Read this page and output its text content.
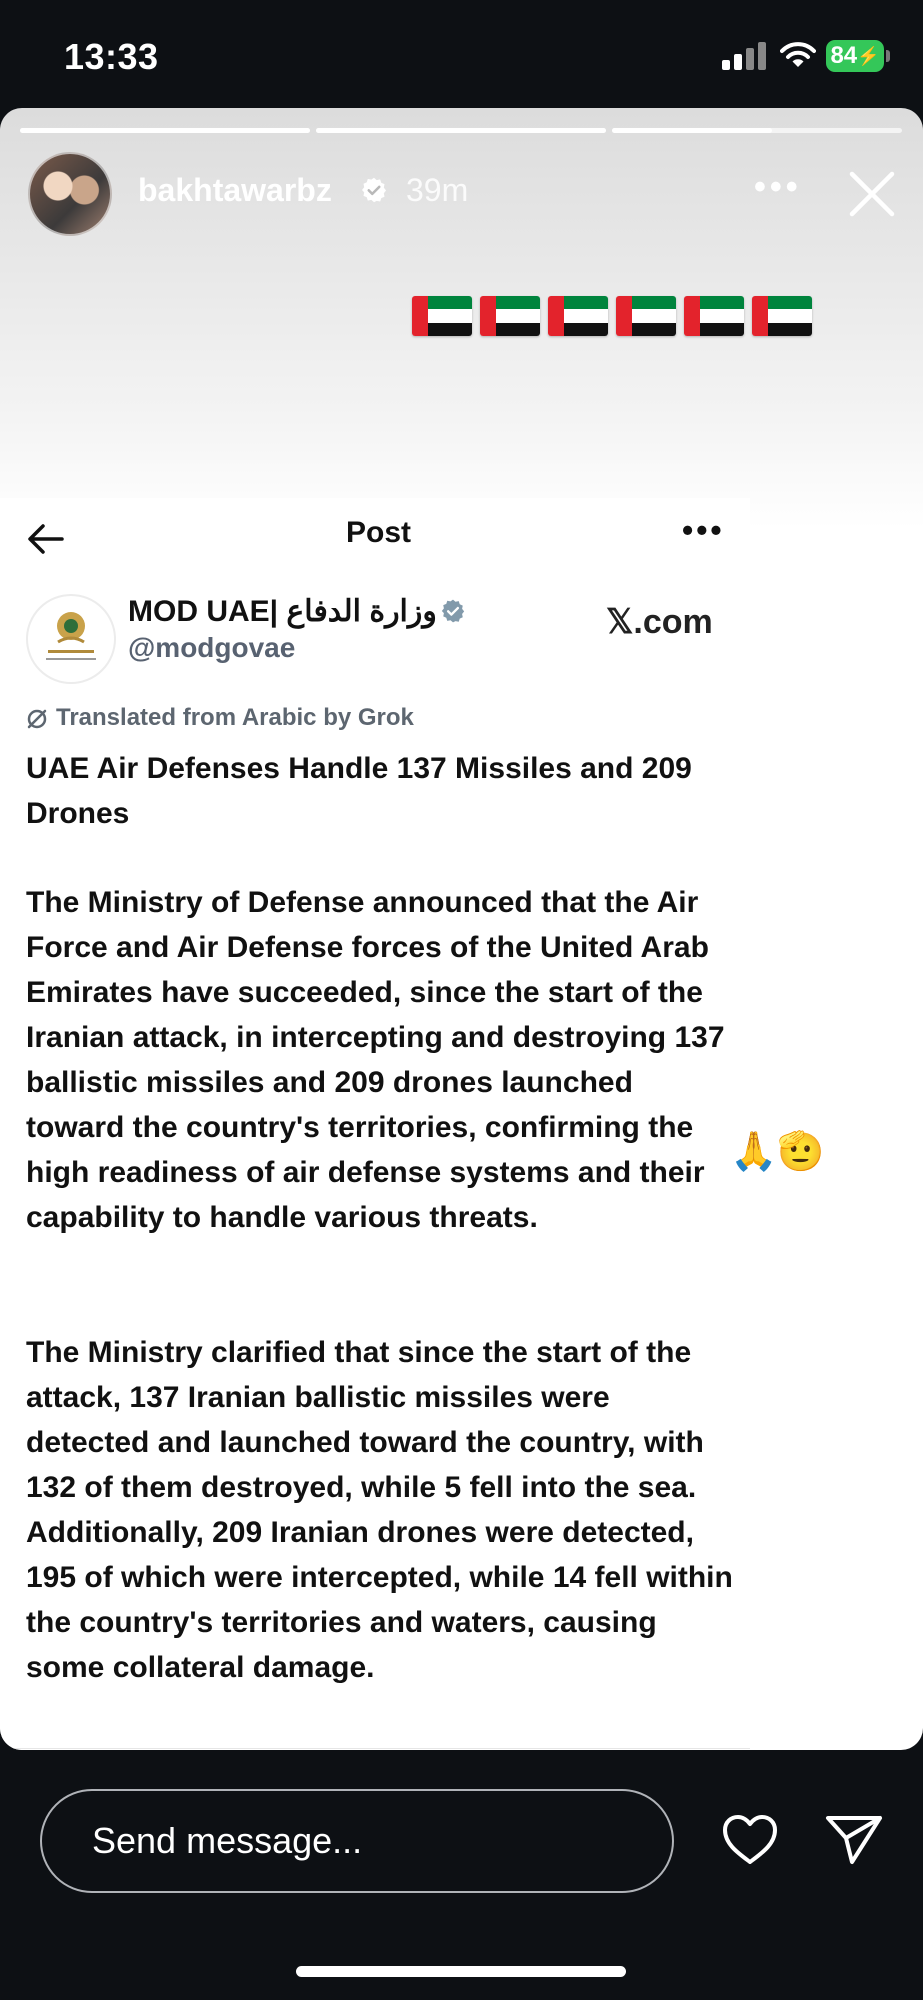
13:33	84 ⚡
bakhtawarbz 39m	•••
Post	•••
MOD UAE| وزارة الدفاع
@modgovae
𝕏.com
Translated from Arabic by Grok
UAE Air Defenses Handle 137 Missiles and 209 Drones

The Ministry of Defense announced that the Air Force and Air Defense forces of the United Arab Emirates have succeeded, since the start of the Iranian attack, in intercepting and destroying 137 ballistic missiles and 209 drones launched toward the country's territories, confirming the high readiness of air defense systems and their capability to handle various threats.

The Ministry clarified that since the start of the attack, 137 Iranian ballistic missiles were detected and launched toward the country, with 132 of them destroyed, while 5 fell into the sea. Additionally, 209 Iranian drones were detected, 195 of which were intercepted, while 14 fell within the country's territories and waters, causing some collateral damage.

🙏🫡
Send message...
